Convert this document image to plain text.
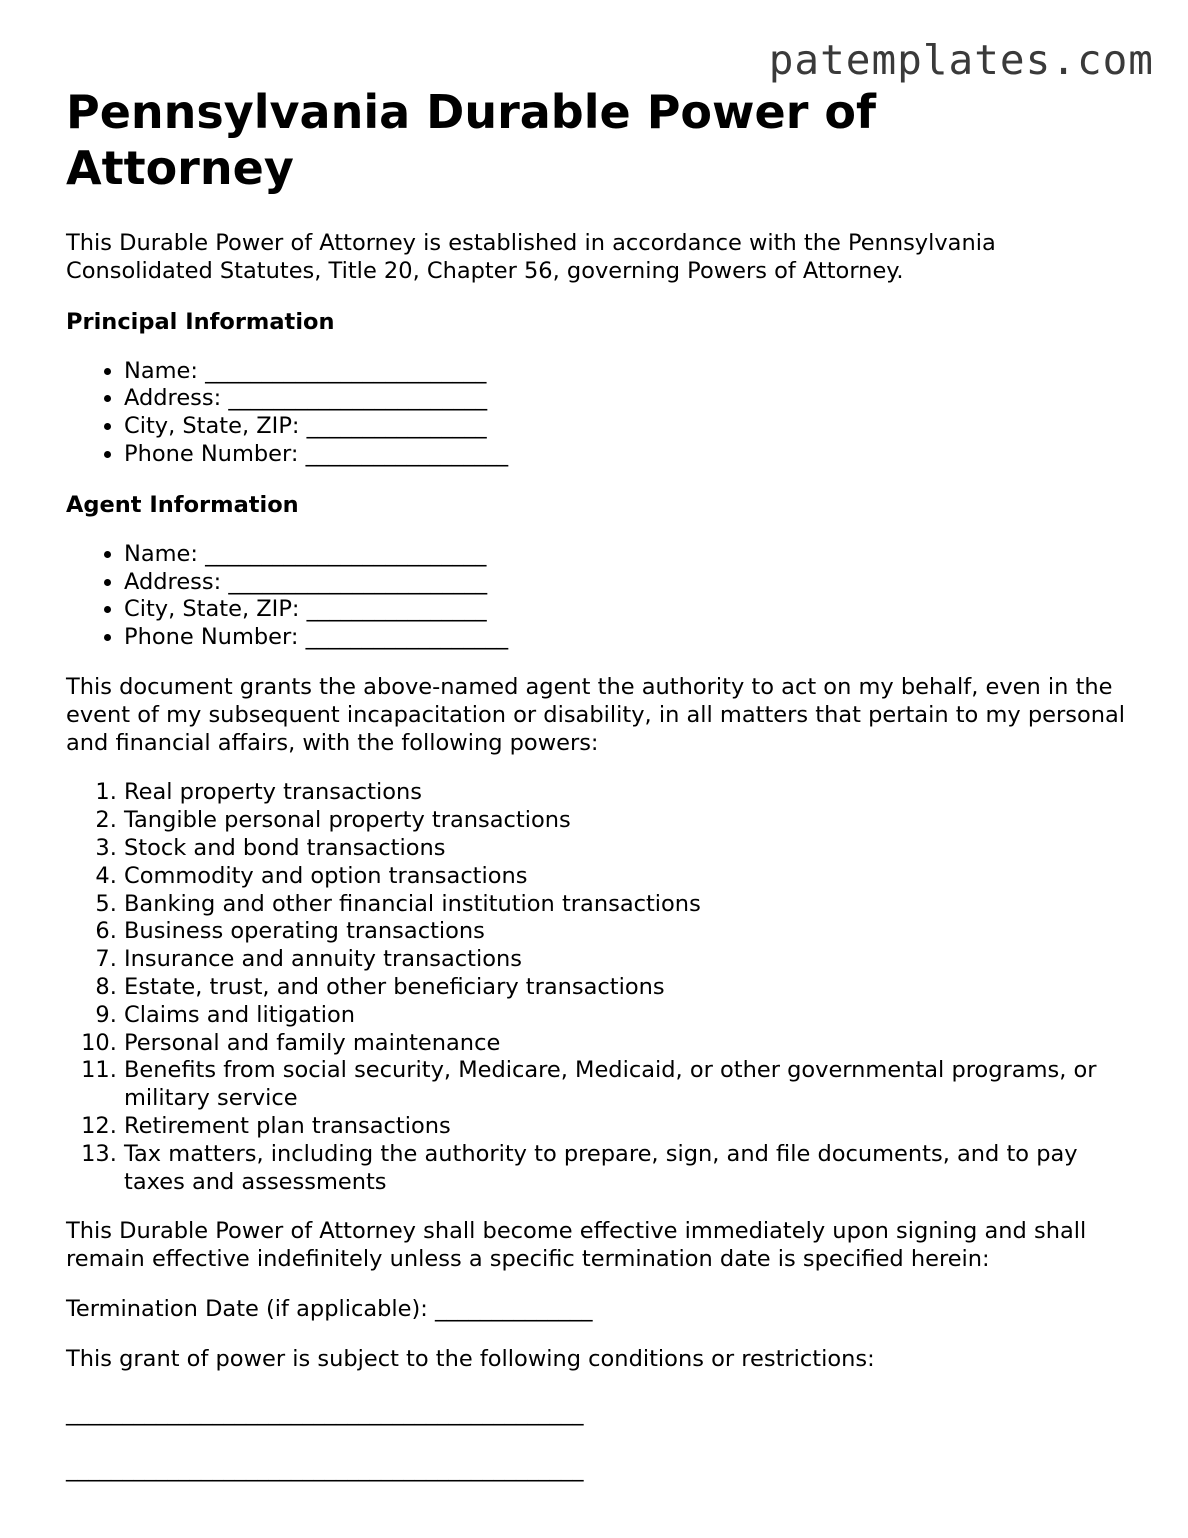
patemplates.com
Pennsylvania Durable Power of Attorney

This Durable Power of Attorney is established in accordance with the Pennsylvania Consolidated Statutes, Title 20, Chapter 56, governing Powers of Attorney.

Principal Information
• Name: _________________________
• Address: _______________________
• City, State, ZIP: ________________
• Phone Number: __________________
Agent Information
• Name: _________________________
• Address: _______________________
• City, State, ZIP: ________________
• Phone Number: __________________

This document grants the above-named agent the authority to act on my behalf, even in the event of my subsequent incapacitation or disability, in all matters that pertain to my personal and financial affairs, with the following powers:

1. Real property transactions
2. Tangible personal property transactions
3. Stock and bond transactions
4. Commodity and option transactions
5. Banking and other financial institution transactions
6. Business operating transactions
7. Insurance and annuity transactions
8. Estate, trust, and other beneficiary transactions
9. Claims and litigation
10. Personal and family maintenance
11. Benefits from social security, Medicare, Medicaid, or other governmental programs, or military service
12. Retirement plan transactions
13. Tax matters, including the authority to prepare, sign, and file documents, and to pay taxes and assessments

This Durable Power of Attorney shall become effective immediately upon signing and shall remain effective indefinitely unless a specific termination date is specified herein:

Termination Date (if applicable): ______________

This grant of power is subject to the following conditions or restrictions:

______________________________________________
______________________________________________
